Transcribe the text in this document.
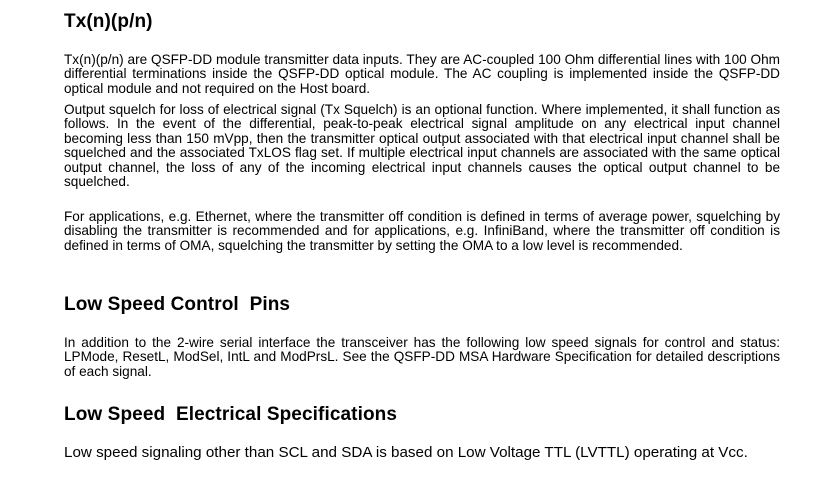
Tx(n)(p/n)

Tx(n)(p/n) are QSFP-DD module transmitter data inputs. They are AC-coupled 100 Ohm differential lines with 100 Ohm differential terminations inside the QSFP-DD optical module. The AC coupling is implemented inside the QSFP-DD optical module and not required on the Host board.

Output squelch for loss of electrical signal (Tx Squelch) is an optional function. Where implemented, it shall function as follows. In the event of the differential, peak-to-peak electrical signal amplitude on any electrical input channel becoming less than 150 mVpp, then the transmitter optical output associated with that electrical input channel shall be squelched and the associated TxLOS flag set. If multiple electrical input channels are associated with the same optical output channel, the loss of any of the incoming electrical input channels causes the optical output channel to be squelched.

For applications, e.g. Ethernet, where the transmitter off condition is defined in terms of average power, squelching by disabling the transmitter is recommended and for applications, e.g. InfiniBand, where the transmitter off condition is defined in terms of OMA, squelching the transmitter by setting the OMA to a low level is recommended.

Low Speed Control  Pins

In addition to the 2-wire serial interface the transceiver has the following low speed signals for control and status: LPMode, ResetL, ModSel, IntL and ModPrsL. See the QSFP-DD MSA Hardware Specification for detailed descriptions of each signal.

Low Speed  Electrical Specifications

Low speed signaling other than SCL and SDA is based on Low Voltage TTL (LVTTL) operating at Vcc.
